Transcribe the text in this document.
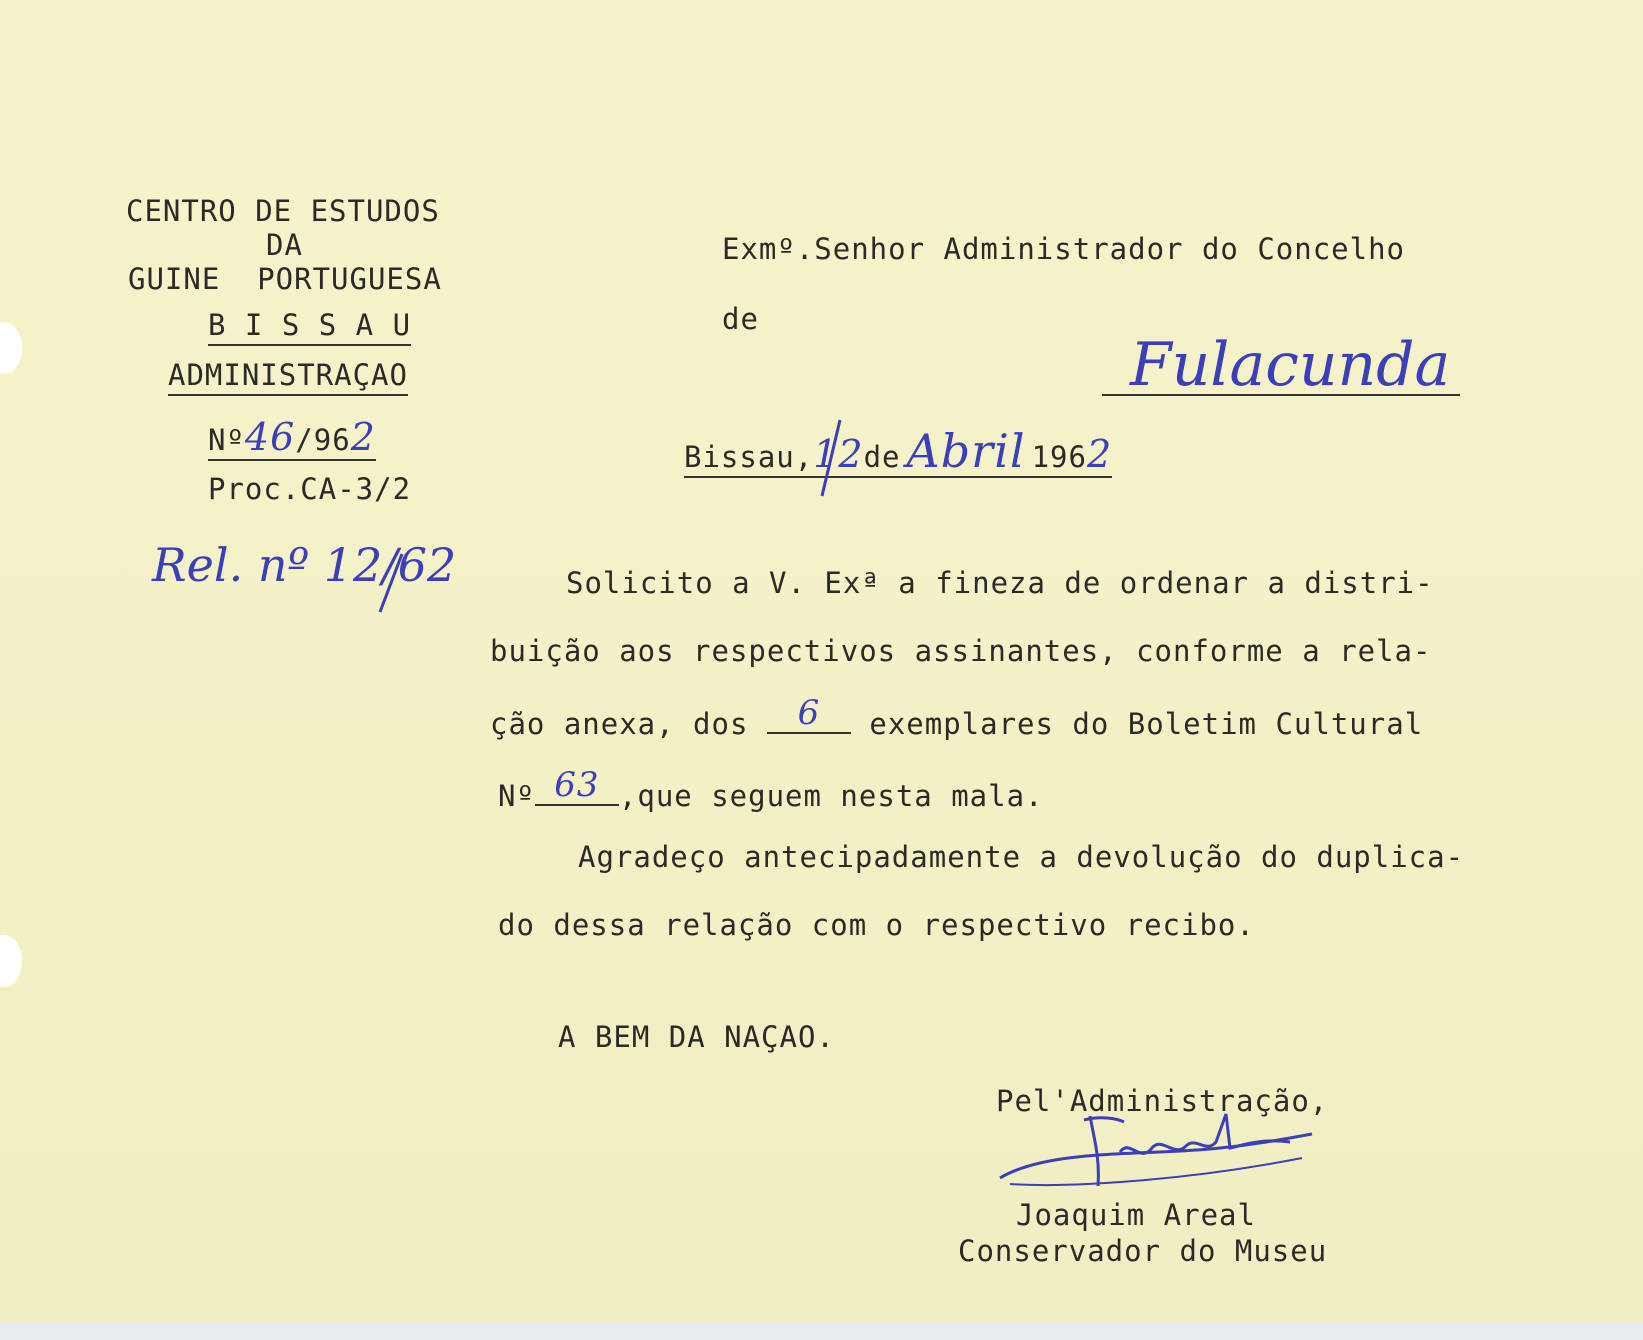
CENTRO DE ESTUDOS
DA
GUINE  PORTUGUESA
B I S S A U
ADMINISTRAÇAO
Nº46/962
Proc.CA-3/2
Rel. nº 12/62
Exmº.Senhor Administrador do Concelho
de
Fulacunda
Bissau,12de Abril 1962
Solicito a V. Exª a fineza de ordenar a distri-
buição aos respectivos assinantes, conforme a rela-
ção anexa, dos 6	exemplares do Boletim Cultural
Nº 63 ,que seguem nesta mala.
Agradeço antecipadamente a devolução do duplica-
do dessa relação com o respectivo recibo.
A BEM DA NAÇAO.
Pel'Administração,
Joaquim Areal
Conservador do Museu
